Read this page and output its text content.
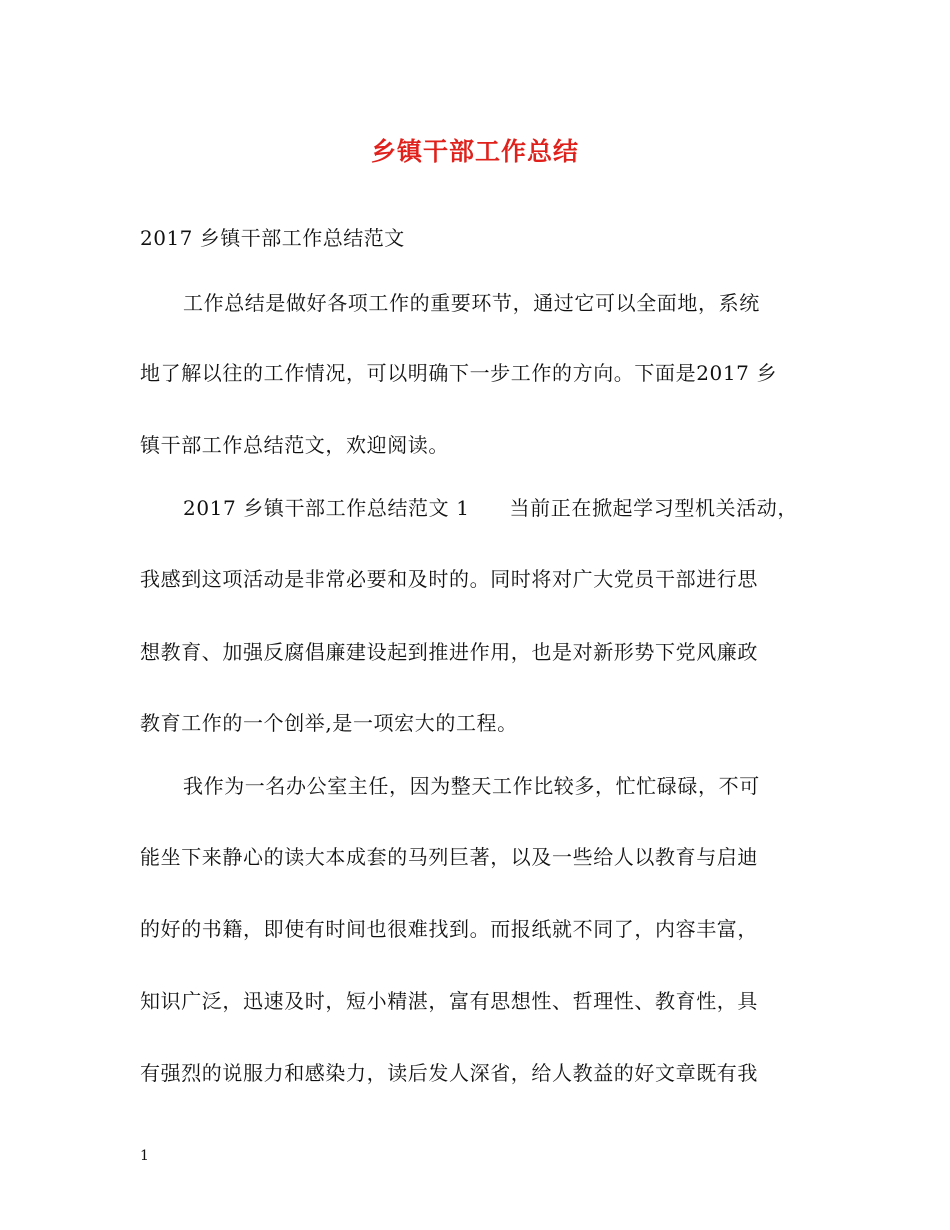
乡镇干部工作总结
2017 乡镇干部工作总结范文
工作总结是做好各项工作的重要环节，通过它可以全面地，系统
地了解以往的工作情况，可以明确下一步工作的方向。下面是2017 乡
镇干部工作总结范文，欢迎阅读。
2017 乡镇干部工作总结范文 1 当前正在掀起学习型机关活动，
我感到这项活动是非常必要和及时的。同时将对广大党员干部进行思
想教育、加强反腐倡廉建设起到推进作用，也是对新形势下党风廉政
教育工作的一个创举,是一项宏大的工程。
我作为一名办公室主任，因为整天工作比较多，忙忙碌碌，不可
能坐下来静心的读大本成套的马列巨著，以及一些给人以教育与启迪
的好的书籍，即使有时间也很难找到。而报纸就不同了，内容丰富，
知识广泛，迅速及时，短小精湛，富有思想性、哲理性、教育性，具
有强烈的说服力和感染力，读后发人深省，给人教益的好文章既有我
1
